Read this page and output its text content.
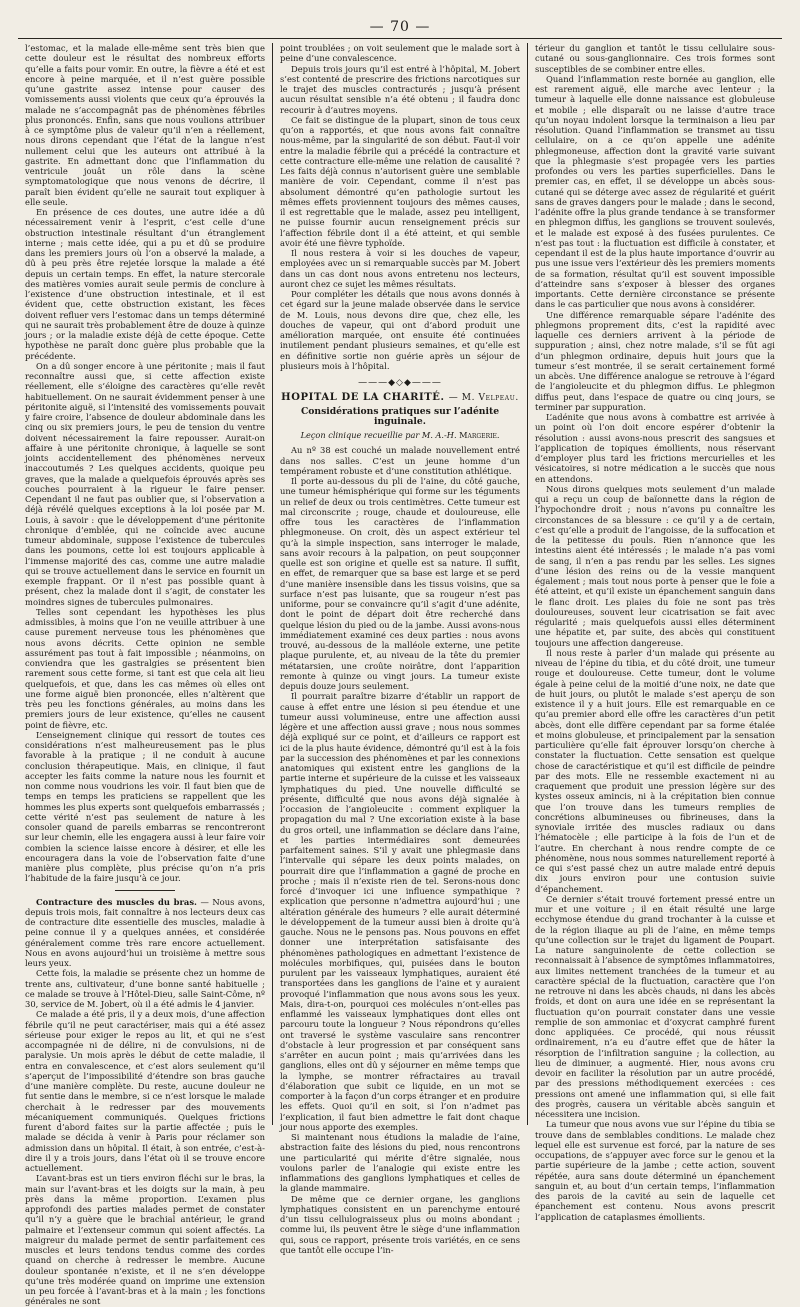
— 70 —

l’estomac, et la malade elle-même sent très bien que cette douleur est le résultat des nombreux efforts qu’elle a faits pour vomir. En outre, la fièvre a été et est encore à peine marquée, et il n’est guère possible qu’une gastrite assez intense pour causer des vomissements aussi violents que ceux qu’a éprouvés la malade ne s’accompagnât pas de phénomènes fébriles plus prononcés. Enfin, sans que nous voulions attribuer à ce symptôme plus de valeur qu’il n’en a réellement, nous dirons cependant que l’état de la langue n’est nullement celui que les auteurs ont attribué à la gastrite. En admettant donc que l’inflammation du ventricule jouât un rôle dans la scène symptomatologique que nous venons de décrire, il paraît bien évident qu’elle ne saurait tout expliquer à elle seule.

En présence de ces doutes, une autre idée a dû nécessairement venir à l’esprit, c’est celle d’une obstruction intestinale résultant d’un étranglement interne ; mais cette idée, qui a pu et dû se produire dans les premiers jours où l’on a observé la malade, a dû à peu près être rejetée lorsque la malade a été depuis un certain temps. En effet, la nature stercorale des matières vomies aurait seule permis de conclure à l’existence d’une obstruction intestinale, et il est évident que, cette obstruction existant, les fèces doivent refluer vers l’estomac dans un temps déterminé qui ne saurait très probablement être de douze à quinze jours ; or la maladie existe déjà de cette époque. Cette hypothèse ne paraît donc guère plus probable que la précédente.

On a dû songer encore à une péritonite ; mais il faut reconnaître aussi que, si cette affection existe réellement, elle s’éloigne des caractères qu’elle revêt habituellement. On ne saurait évidemment penser à une péritonite aiguë, si l’intensité des vomissements pouvait y faire croire, l’absence de douleur abdominale dans les cinq ou six premiers jours, le peu de tension du ventre doivent nécessairement la faire repousser. Aurait-on affaire à une péritonite chronique, à laquelle se sont joints accidentellement des phénomènes nerveux inaccoutumés ? Les quelques accidents, quoique peu graves, que la malade a quelquefois éprouvés après ses couches pourraient à la rigueur le faire penser. Cependant il ne faut pas oublier que, si l’observation a déjà révélé quelques exceptions à la loi posée par M. Louis, à savoir : que le développement d’une péritonite chronique d’emblée, qui ne coïncide avec aucune tumeur abdominale, suppose l’existence de tubercules dans les poumons, cette loi est toujours applicable à l’immense majorité des cas, comme une autre maladie qui se trouve actuellement dans le service en fournit un exemple frappant. Or il n’est pas possible quant à présent, chez la malade dont il s’agit, de constater les moindres signes de tubercules pulmonaires.

Telles sont cependant les hypothèses les plus admissibles, à moins que l’on ne veuille attribuer à une cause purement nerveuse tous les phénomènes que nous avons décrits. Cette opinion ne semble assurément pas tout à fait impossible ; néanmoins, on conviendra que les gastralgies se présentent bien rarement sous cette forme, si tant est que cela ait lieu quelquefois, et que, dans les cas mêmes où elles ont une forme aiguë bien prononcée, elles n’altèrent que très peu les fonctions générales, au moins dans les premiers jours de leur existence, qu’elles ne causent point de fièvre, etc.

L’enseignement clinique qui ressort de toutes ces considérations n’est malheureusement pas le plus favorable à la pratique ; il ne conduit à aucune conclusion thérapeutique. Mais, en clinique, il faut accepter les faits comme la nature nous les fournit et non comme nous voudrions les voir. Il faut bien que de temps en temps les praticiens se rappellent que les hommes les plus experts sont quelquefois embarrassés ; cette vérité n’est pas seulement de nature à les consoler quand de pareils embarras se rencontreront sur leur chemin, elle les engagera aussi à leur faire voir combien la science laisse encore à désirer, et elle les encouragera dans la voie de l’observation faite d’une manière plus complète, plus précise qu’on n’a pris l’habitude de la faire jusqu’à ce jour.

Contracture des muscles du bras. — Nous avons, depuis trois mois, fait connaître à nos lecteurs deux cas de contracture dite essentielle des muscles, maladie à peine connue il y a quelques années, et considérée généralement comme très rare encore actuellement. Nous en avons aujourd’hui un troisième à mettre sous leurs yeux.

Cette fois, la maladie se présente chez un homme de trente ans, cultivateur, d’une bonne santé habituelle ; ce malade se trouve à l’Hôtel-Dieu, salle Saint-Côme, nº 30, service de M. Jobert, où il a été admis le 4 janvier.

Ce malade a été pris, il y a deux mois, d’une affection fébrile qu’il ne peut caractériser, mais qui a été assez sérieuse pour exiger le repos au lit, et qui ne s’est accompagnée ni de délire, ni de convulsions, ni de paralysie. Un mois après le début de cette maladie, il entra en convalescence, et c’est alors seulement qu’il s’aperçut de l’impossibilité d’étendre son bras gauche d’une manière complète. Du reste, aucune douleur ne fut sentie dans le membre, si ce n’est lorsque le malade cherchait à le redresser par des mouvements mécaniquement communiqués. Quelques frictions furent d’abord faites sur la partie affectée ; puis le malade se décida à venir à Paris pour réclamer son admission dans un hôpital. Il était, à son entrée, c’est-à-dire il y a trois jours, dans l’état où il se trouve encore actuellement.

L’avant-bras est un tiers environ fléchi sur le bras, la main sur l’avant-bras et les doigts sur la main, à peu près dans la même proportion. L’examen plus approfondi des parties malades permet de constater qu’il n’y a guère que le brachial antérieur, le grand palmaire et l’extenseur commun qui soient affectés. La maigreur du malade permet de sentir parfaitement ces muscles et leurs tendons tendus comme des cordes quand on cherche à redresser le membre. Aucune douleur spontanée n’existe, et il ne s’en développe qu’une très modérée quand on imprime une extension un peu forcée à l’avant-bras et à la main ; les fonctions générales ne sont

point troublées ; on voit seulement que le malade sort à peine d’une convalescence.

Depuis trois jours qu’il est entré à l’hôpital, M. Jobert s’est contenté de prescrire des frictions narcotiques sur le trajet des muscles contracturés ; jusqu’à présent aucun résultat sensible n’a été obtenu ; il faudra donc recourir à d’autres moyens.

Ce fait se distingue de la plupart, sinon de tous ceux qu’on a rapportés, et que nous avons fait connaître nous-même, par la singularité de son début. Faut-il voir entre la maladie fébrile qui a précédé la contracture et cette contracture elle-même une relation de causalité ? Les faits déjà connus n’autorisent guère une semblable manière de voir. Cependant, comme il n’est pas absolument démontré qu’en pathologie surtout les mêmes effets proviennent toujours des mêmes causes, il est regrettable que le malade, assez peu intelligent, ne puisse fournir aucun renseignement précis sur l’affection fébrile dont il a été atteint, et qui semble avoir été une fièvre typhoïde.

Il nous restera à voir si les douches de vapeur, employées avec un si remarquable succès par M. Jobert dans un cas dont nous avons entretenu nos lecteurs, auront chez ce sujet les mêmes résultats.

Pour compléter les détails que nous avons donnés à cet égard sur la jeune malade observée dans le service de M. Louis, nous devons dire que, chez elle, les douches de vapeur, qui ont d’abord produit une amélioration marquée, ont ensuite été continuées inutilement pendant plusieurs semaines, et qu’elle est en définitive sortie non guérie après un séjour de plusieurs mois à l’hôpital.

———◆◇◆———

HOPITAL DE LA CHARITÉ. — M. Velpeau.

Considérations pratiques sur l’adénite inguinale.

Leçon clinique recueillie par M. A.-H. Margerie.

Au nº 38 est couché un malade nouvellement entré dans nos salles. C’est un jeune homme d’un tempérament robuste et d’une constitution athlétique.

Il porte au-dessous du pli de l’aine, du côté gauche, une tumeur hémisphérique qui forme sur les téguments un relief de deux ou trois centimètres. Cette tumeur est mal circonscrite ; rouge, chaude et douloureuse, elle offre tous les caractères de l’inflammation phlegmoneuse. On croit, dès un aspect extérieur tel qu’à la simple inspection, sans interroger le malade, sans avoir recours à la palpation, on peut soupçonner quelle est son origine et quelle est sa nature. Il suffit, en effet, de remarquer que sa base est large et se perd d’une manière insensible dans les tissus voisins, que sa surface n’est pas luisante, que sa rougeur n’est pas uniforme, pour se convaincre qu’il s’agit d’une adénite, dont le point de départ doit être recherché dans quelque lésion du pied ou de la jambe. Aussi avons-nous immédiatement examiné ces deux parties : nous avons trouvé, au-dessous de la malléole externe, une petite plaque purulente, et, au niveau de la tête du premier métatarsien, une croûte noirâtre, dont l’apparition remonte à quinze ou vingt jours. La tumeur existe depuis douze jours seulement.

Il pourrait paraître bizarre d’établir un rapport de cause à effet entre une lésion si peu étendue et une tumeur aussi volumineuse, entre une affection aussi légère et une affection aussi grave ; nous nous sommes déjà expliqué sur ce point, et d’ailleurs ce rapport est ici de la plus haute évidence, démontré qu’il est à la fois par la succession des phénomènes et par les connexions anatomiques qui existent entre les ganglions de la partie interne et supérieure de la cuisse et les vaisseaux lymphatiques du pied. Une nouvelle difficulté se présente, difficulté que nous avons déjà signalée à l’occasion de l’angioleucite : comment expliquer la propagation du mal ? Une excoriation existe à la base du gros orteil, une inflammation se déclare dans l’aine, et les parties intermédiaires sont demeurées parfaitement saines. S’il y avait une phlegmasie dans l’intervalle qui sépare les deux points malades, on pourrait dire que l’inflammation a gagné de proche en proche ; mais il n’existe rien de tel. Serons-nous donc forcé d’invoquer ici une influence sympathique ? explication que personne n’admettra aujourd’hui ; une altération générale des humeurs ? elle aurait déterminé le développement de la tumeur aussi bien à droite qu’à gauche. Nous ne le pensons pas. Nous pouvons en effet donner une interprétation satisfaisante des phénomènes pathologiques en admettant l’existence de molécules morbifiques, qui, puisées dans le bouton purulent par les vaisseaux lymphatiques, auraient été transportées dans les ganglions de l’aine et y auraient provoqué l’inflammation que nous avons sous les yeux. Mais, dira-t-on, pourquoi ces molécules n’ont-elles pas enflammé les vaisseaux lymphatiques dont elles ont parcouru toute la longueur ? Nous répondrons qu’elles ont traversé le système vasculaire sans rencontrer d’obstacle à leur progression et par conséquent sans s’arrêter en aucun point ; mais qu’arrivées dans les ganglions, elles ont dû y séjourner en même temps que la lymphe, se montrer réfractaires au travail d’élaboration que subit ce liquide, en un mot se comporter à la façon d’un corps étranger et en produire les effets. Quoi qu’il en soit, si l’on n’admet pas l’explication, il faut bien admettre le fait dont chaque jour nous apporte des exemples.

Si maintenant nous étudions la maladie de l’aine, abstraction faite des lésions du pied, nous rencontrons une particularité qui mérite d’être signalée, nous voulons parler de l’analogie qui existe entre les inflammations des ganglions lymphatiques et celles de la glande mammaire.

De même que ce dernier organe, les ganglions lymphatiques consistent en un parenchyme entouré d’un tissu cellulograisseux plus ou moins abondant ; comme lui, ils peuvent être le siège d’une inflammation qui, sous ce rapport, présente trois variétés, en ce sens que tantôt elle occupe l’in-

térieur du ganglion et tantôt le tissu cellulaire sous-cutané ou sous-ganglionnaire. Ces trois formes sont susceptibles de se combiner entre elles.

Quand l’inflammation reste bornée au ganglion, elle est rarement aiguë, elle marche avec lenteur ; la tumeur à laquelle elle donne naissance est globuleuse et mobile ; elle disparaît ou ne laisse d’autre trace qu’un noyau indolent lorsque la terminaison a lieu par résolution. Quand l’inflammation se transmet au tissu cellulaire, on a ce qu’on appelle une adénite phlegmoneuse, affection dont la gravité varie suivant que la phlegmasie s’est propagée vers les parties profondes ou vers les parties superficielles. Dans le premier cas, en effet, il se développe un abcès sous-cutané qui se déterge avec assez de régularité et guérit sans de graves dangers pour le malade ; dans le second, l’adénite offre la plus grande tendance à se transformer en phlegmon diffus, les ganglions se trouvent soulevés, et le malade est exposé à des fusées purulentes. Ce n’est pas tout : la fluctuation est difficile à constater, et cependant il est de la plus haute importance d’ouvrir au pus une issue vers l’extérieur dès les premiers moments de sa formation, résultat qu’il est souvent impossible d’atteindre sans s’exposer à blesser des organes importants. Cette dernière circonstance se présente dans le cas particulier que nous avons à considérer.

Une différence remarquable sépare l’adénite des phlegmons proprement dits, c’est la rapidité avec laquelle ces derniers arrivent à la période de suppuration ; ainsi, chez notre malade, s’il se fût agi d’un phlegmon ordinaire, depuis huit jours que la tumeur s’est montrée, il se serait certainement formé un abcès. Une différence analogue se retrouve à l’égard de l’angioleucite et du phlegmon diffus. Le phlegmon diffus peut, dans l’espace de quatre ou cinq jours, se terminer par suppuration.

L’adénite que nous avons à combattre est arrivée à un point où l’on doit encore espérer d’obtenir la résolution : aussi avons-nous prescrit des sangsues et l’application de topiques émollients, nous réservant d’employer plus tard les frictions mercurielles et les vésicatoires, si notre médication a le succès que nous en attendons.

Nous dirons quelques mots seulement d’un malade qui a reçu un coup de baïonnette dans la région de l’hypochondre droit ; nous n’avons pu connaître les circonstances de sa blessure : ce qu’il y a de certain, c’est qu’elle a produit de l’angoisse, de la suffocation et de la petitesse du pouls. Rien n’annonce que les intestins aient été intéressés ; le malade n’a pas vomi de sang, il n’en a pas rendu par les selles. Les signes d’une lésion des reins ou de la vessie manquent également ; mais tout nous porte à penser que le foie a été atteint, et qu’il existe un épanchement sanguin dans le flanc droit. Les plaies du foie ne sont pas très douloureuses, souvent leur cicatrisation se fait avec régularité ; mais quelquefois aussi elles déterminent une hépatite et, par suite, des abcès qui constituent toujours une affection dangereuse.

Il nous reste à parler d’un malade qui présente au niveau de l’épine du tibia, et du côté droit, une tumeur rouge et douloureuse. Cette tumeur, dont le volume égale à peine celui de la moitié d’une noix, ne date que de huit jours, ou plutôt le malade s’est aperçu de son existence il y a huit jours. Elle est remarquable en ce qu’au premier abord elle offre les caractères d’un petit abcès, dont elle diffère cependant par sa forme étalée et moins globuleuse, et principalement par la sensation particulière qu’elle fait éprouver lorsqu’on cherche à constater la fluctuation. Cette sensation est quelque chose de caractéristique et qu’il est difficile de peindre par des mots. Elle ne ressemble exactement ni au craquement que produit une pression légère sur des kystes osseux amincis, ni à la crépitation bien connue que l’on trouve dans les tumeurs remplies de concrétions albumineuses ou fibrineuses, dans la synoviale irritée des muscles radiaux ou dans l’hématocèle ; elle participe à la fois de l’un et de l’autre. En cherchant à nous rendre compte de ce phénomène, nous nous sommes naturellement reporté à ce qui s’est passé chez un autre malade entré depuis dix jours environ pour une contusion suivie d’épanchement.

Ce dernier s’était trouvé fortement pressé entre un mur et une voiture ; il en était résulté une large ecchymose étendue du grand trochanter à la cuisse et de la région iliaque au pli de l’aine, en même temps qu’une collection sur le trajet du ligament de Poupart. La nature sanguinolente de cette collection se reconnaissait à l’absence de symptômes inflammatoires, aux limites nettement tranchées de la tumeur et au caractère spécial de la fluctuation, caractère que l’on ne retrouve ni dans les abcès chauds, ni dans les abcès froids, et dont on aura une idée en se représentant la fluctuation qu’on pourrait constater dans une vessie remplie de son ammoniac et d’oxycrat camphré furent donc appliquées. Ce procédé, qui nous réussit ordinairement, n’a eu d’autre effet que de hâter la résorption de l’infiltration sanguine ; la collection, au lieu de diminuer, a augmenté. Hier, nous avons cru devoir en faciliter la résolution par un autre procédé, par des pressions méthodiquement exercées : ces pressions ont amené une inflammation qui, si elle fait des progrès, causera un véritable abcès sanguin et nécessitera une incision.

La tumeur que nous avons vue sur l’épine du tibia se trouve dans de semblables conditions. Le malade chez lequel elle est survenue est forcé, par la nature de ses occupations, de s’appuyer avec force sur le genou et la partie supérieure de la jambe ; cette action, souvent répétée, aura sans doute déterminé un épanchement sanguin et, au bout d’un certain temps, l’inflammation des parois de la cavité au sein de laquelle cet épanchement est contenu. Nous avons prescrit l’application de cataplasmes émollients.
